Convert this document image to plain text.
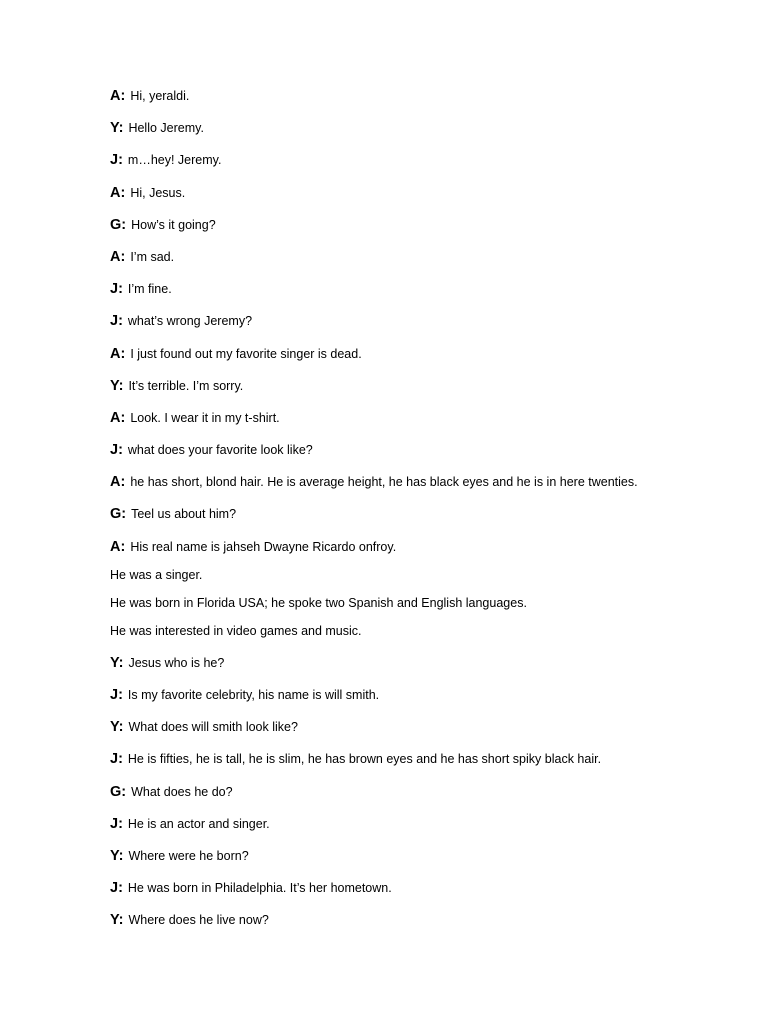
A: Hi, yeraldi.
Y: Hello Jeremy.
J: m…hey! Jeremy.
A: Hi, Jesus.
G: How’s it going?
A: I’m sad.
J: I’m fine.
J: what’s wrong Jeremy?
A: I just found out my favorite singer is dead.
Y: It’s terrible. I’m sorry.
A: Look. I wear it in my t-shirt.
J: what does your favorite look like?
A: he has short, blond hair. He is average height, he has black eyes and he is in here twenties.
G: Teel us about him?
A: His real name is jahseh Dwayne Ricardo onfroy.
He was a singer.
He was born in Florida USA; he spoke two Spanish and English languages.
He was interested in video games and music.
Y: Jesus who is he?
J: Is my favorite celebrity, his name is will smith.
Y: What does will smith look like?
J: He is fifties, he is tall, he is slim, he has brown eyes and he has short spiky black hair.
G: What does he do?
J: He is an actor and singer.
Y: Where were he born?
J: He was born in Philadelphia. It’s her hometown.
Y: Where does he live now?
